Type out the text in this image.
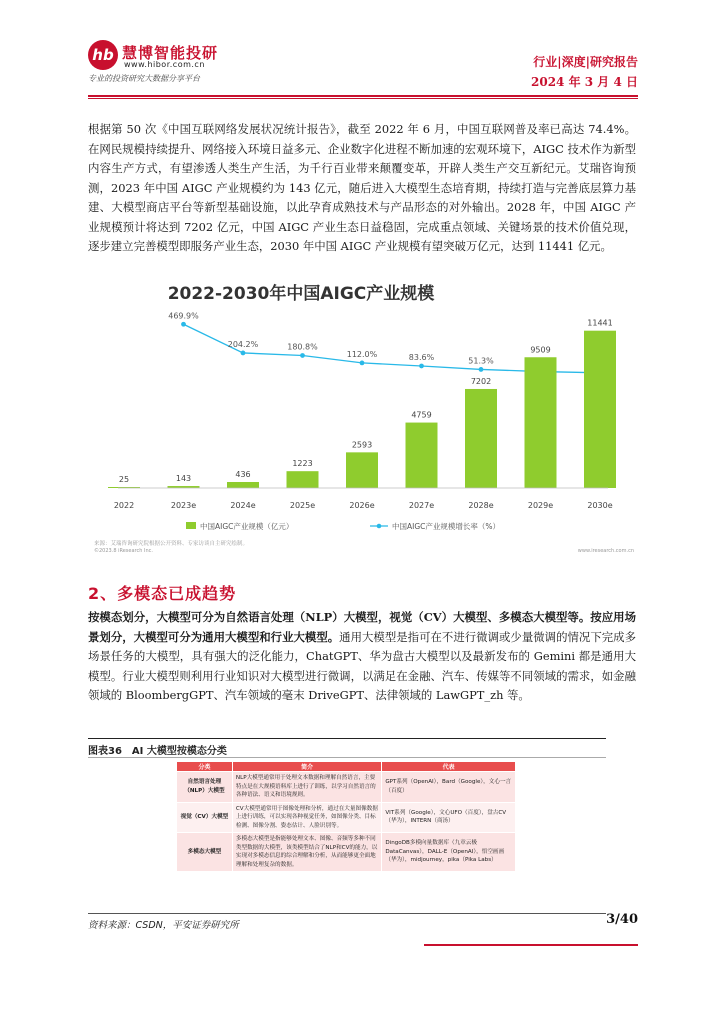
hb 慧博智能投研
www.hibor.com.cn
专业的投资研究大数据分享平台
行业|深度|研究报告
2024 年 3 月 4 日
根据第 50 次《中国互联网络发展状况统计报告》，截至 2022 年 6 月，中国互联网普及率已高达 74.4%。在网民规模持续提升、网络接入环境日益多元、企业数字化进程不断加速的宏观环境下，AIGC 技术作为新型内容生产方式，有望渗透人类生产生活，为千行百业带来颠覆变革，开辟人类生产交互新纪元。艾瑞咨询预测，2023 年中国 AIGC 产业规模约为 143 亿元，随后进入大模型生态培育期，持续打造与完善底层算力基建、大模型商店平台等新型基础设施，以此孕育成熟技术与产品形态的对外输出。2028 年，中国 AIGC 产业规模预计将达到 7202 亿元，中国 AIGC 产业生态日益稳固，完成重点领域、关键场景的技术价值兑现，逐步建立完善模型即服务产业生态，2030 年中国 AIGC 产业规模有望突破万亿元，达到 11441 亿元。
2022-2030年中国AIGC产业规模
469.9%
204.2%	180.8%
112.0%	83.6%	51.3%
25	143	436
1223
2593
4759
7202
9509
11441
2022	2023e	2024e	2025e	2026e	2027e	2028e	2029e	2030e
中国AIGC产业规模（亿元）	中国AIGC产业规模增长率（%）
来源：艾瑞咨询研究院根据公开资料、专家访谈自主研究绘制。
©2023.8 iResearch Inc.	www.iresearch.com.cn
2、多模态已成趋势
按模态划分，大模型可分为自然语言处理（NLP）大模型，视觉（CV）大模型、多模态大模型等。按应用场景划分，大模型可分为通用大模型和行业大模型。通用大模型是指可在不进行微调或少量微调的情况下完成多场景任务的大模型，具有强大的泛化能力，ChatGPT、华为盘古大模型以及最新发布的 Gemini 都是通用大模型。行业大模型则利用行业知识对大模型进行微调，以满足在金融、汽车、传媒等不同领域的需求，如金融领域的 BloombergGPT、汽车领域的毫末 DriveGPT、法律领域的 LawGPT_zh 等。
图表36 AI 大模型按模态分类
分类	简介	代表
自然语言处理（NLP）大模型	NLP大模型通常用于处理文本数据和理解自然语言，主要特点是在大规模语料库上进行了训练，以学习自然语言的各种语法、语义和语境规则。	GPT系列（OpenAI），Bard（Google），文心一言（百度）
视觉（CV）大模型	CV大模型通常用于图像处理和分析，通过在大量图像数据上进行训练，可以实现各种视觉任务，如图像分类、目标检测、图像分割、姿态估计、人脸识别等。	VIT系列（Google），文心UFO（百度），盘古CV（华为），INTERN（商汤）
多模态大模型	多模态大模型是指能够处理文本、图像、音频等多种不同类型数据的大模型，该类模型结合了NLP和CV的能力，以实现对多模态信息的综合理解和分析，从而能够更全面地理解和处理复杂的数据。	DingoDB多模向量数据库（九章云极DataCanvas），DALL-E（OpenAI），悟空画画（华为），midjourney，pika（Pika Labs）
资料来源：CSDN，平安证券研究所	3/40
